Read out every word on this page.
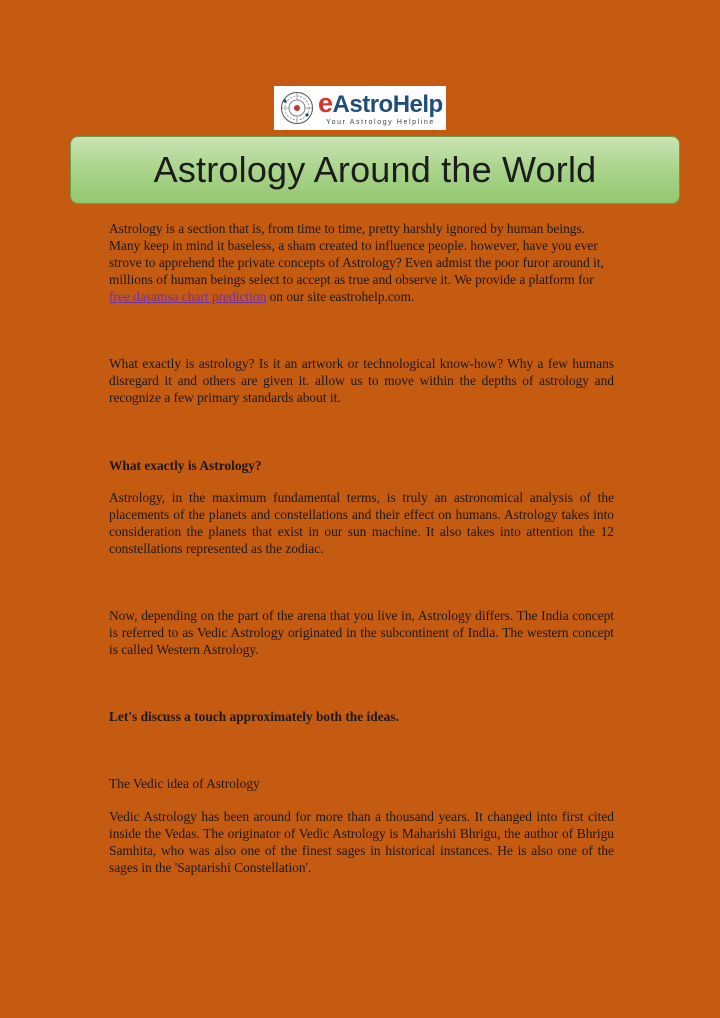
eAstroHelp
Your Astrology Helpline
Astrology Around the World

Astrology is a section that is, from time to time, pretty harshly ignored by human beings. Many keep in mind it baseless, a sham created to influence people. however, have you ever strove to apprehend the private concepts of Astrology? Even admist the poor furor around it, millions of human beings select to accept as true and observe it. We provide a platform for free dasamsa chart prediction on our site eastrohelp.com.

What exactly is astrology? Is it an artwork or technological know-how? Why a few humans disregard it and others are given it. allow us to move within the depths of astrology and recognize a few primary standards about it.

What exactly is Astrology?

Astrology, in the maximum fundamental terms, is truly an astronomical analysis of the placements of the planets and constellations and their effect on humans. Astrology takes into consideration the planets that exist in our sun machine. It also takes into attention the 12 constellations represented as the zodiac.

Now, depending on the part of the arena that you live in, Astrology differs. The India concept is referred to as Vedic Astrology originated in the subcontinent of India. The western concept is called Western Astrology.

Let's discuss a touch approximately both the ideas.

The Vedic idea of Astrology

Vedic Astrology has been around for more than a thousand years. It changed into first cited inside the Vedas. The originator of Vedic Astrology is Maharishi Bhrigu, the author of Bhrigu Samhita, who was also one of the finest sages in historical instances. He is also one of the sages in the 'Saptarishi Constellation'.
